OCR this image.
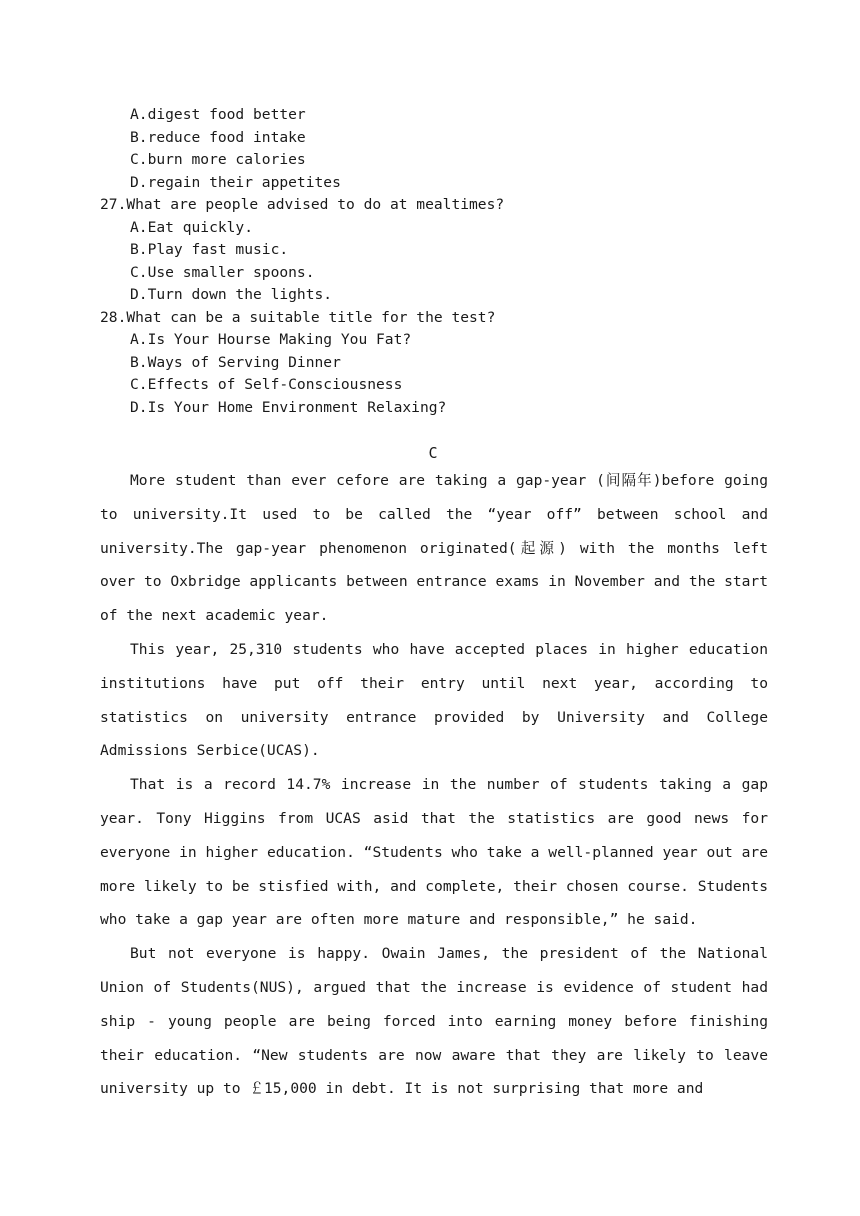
A.digest food better
B.reduce food intake
C.burn more calories
D.regain their appetites
27.What are people advised to do at mealtimes?
A.Eat quickly.
B.Play fast music.
C.Use smaller spoons.
D.Turn down the lights.
28.What can be a suitable title for the test?
A.Is Your Hourse Making You Fat?
B.Ways of Serving Dinner
C.Effects of Self-Consciousness
D.Is Your Home Environment Relaxing?
C

More student than ever cefore are taking a gap-year (间隔年)before going to university.It used to be called the “year off” between school and university.The gap-year phenomenon originated(起源) with the months left over to Oxbridge applicants between entrance exams in November and the start of the next academic year.

This year, 25,310 students who have accepted places in higher education institutions have put off their entry until next year, according to statistics on university entrance provided by University and College Admissions Serbice(UCAS).

That is a record 14.7% increase in the number of students taking a gap year. Tony Higgins from UCAS asid that the statistics are good news for everyone in higher education. “Students who take a well-planned year out are more likely to be stisfied with, and complete, their chosen course. Students who take a gap year are often more mature and responsible,” he said.

But not everyone is happy. Owain James, the president of the National Union of Students(NUS), argued that the increase is evidence of student had ship - young people are being forced into earning money before finishing their education. “New students are now aware that they are likely to leave university up to ￡15,000 in debt. It is not surprising that more and
